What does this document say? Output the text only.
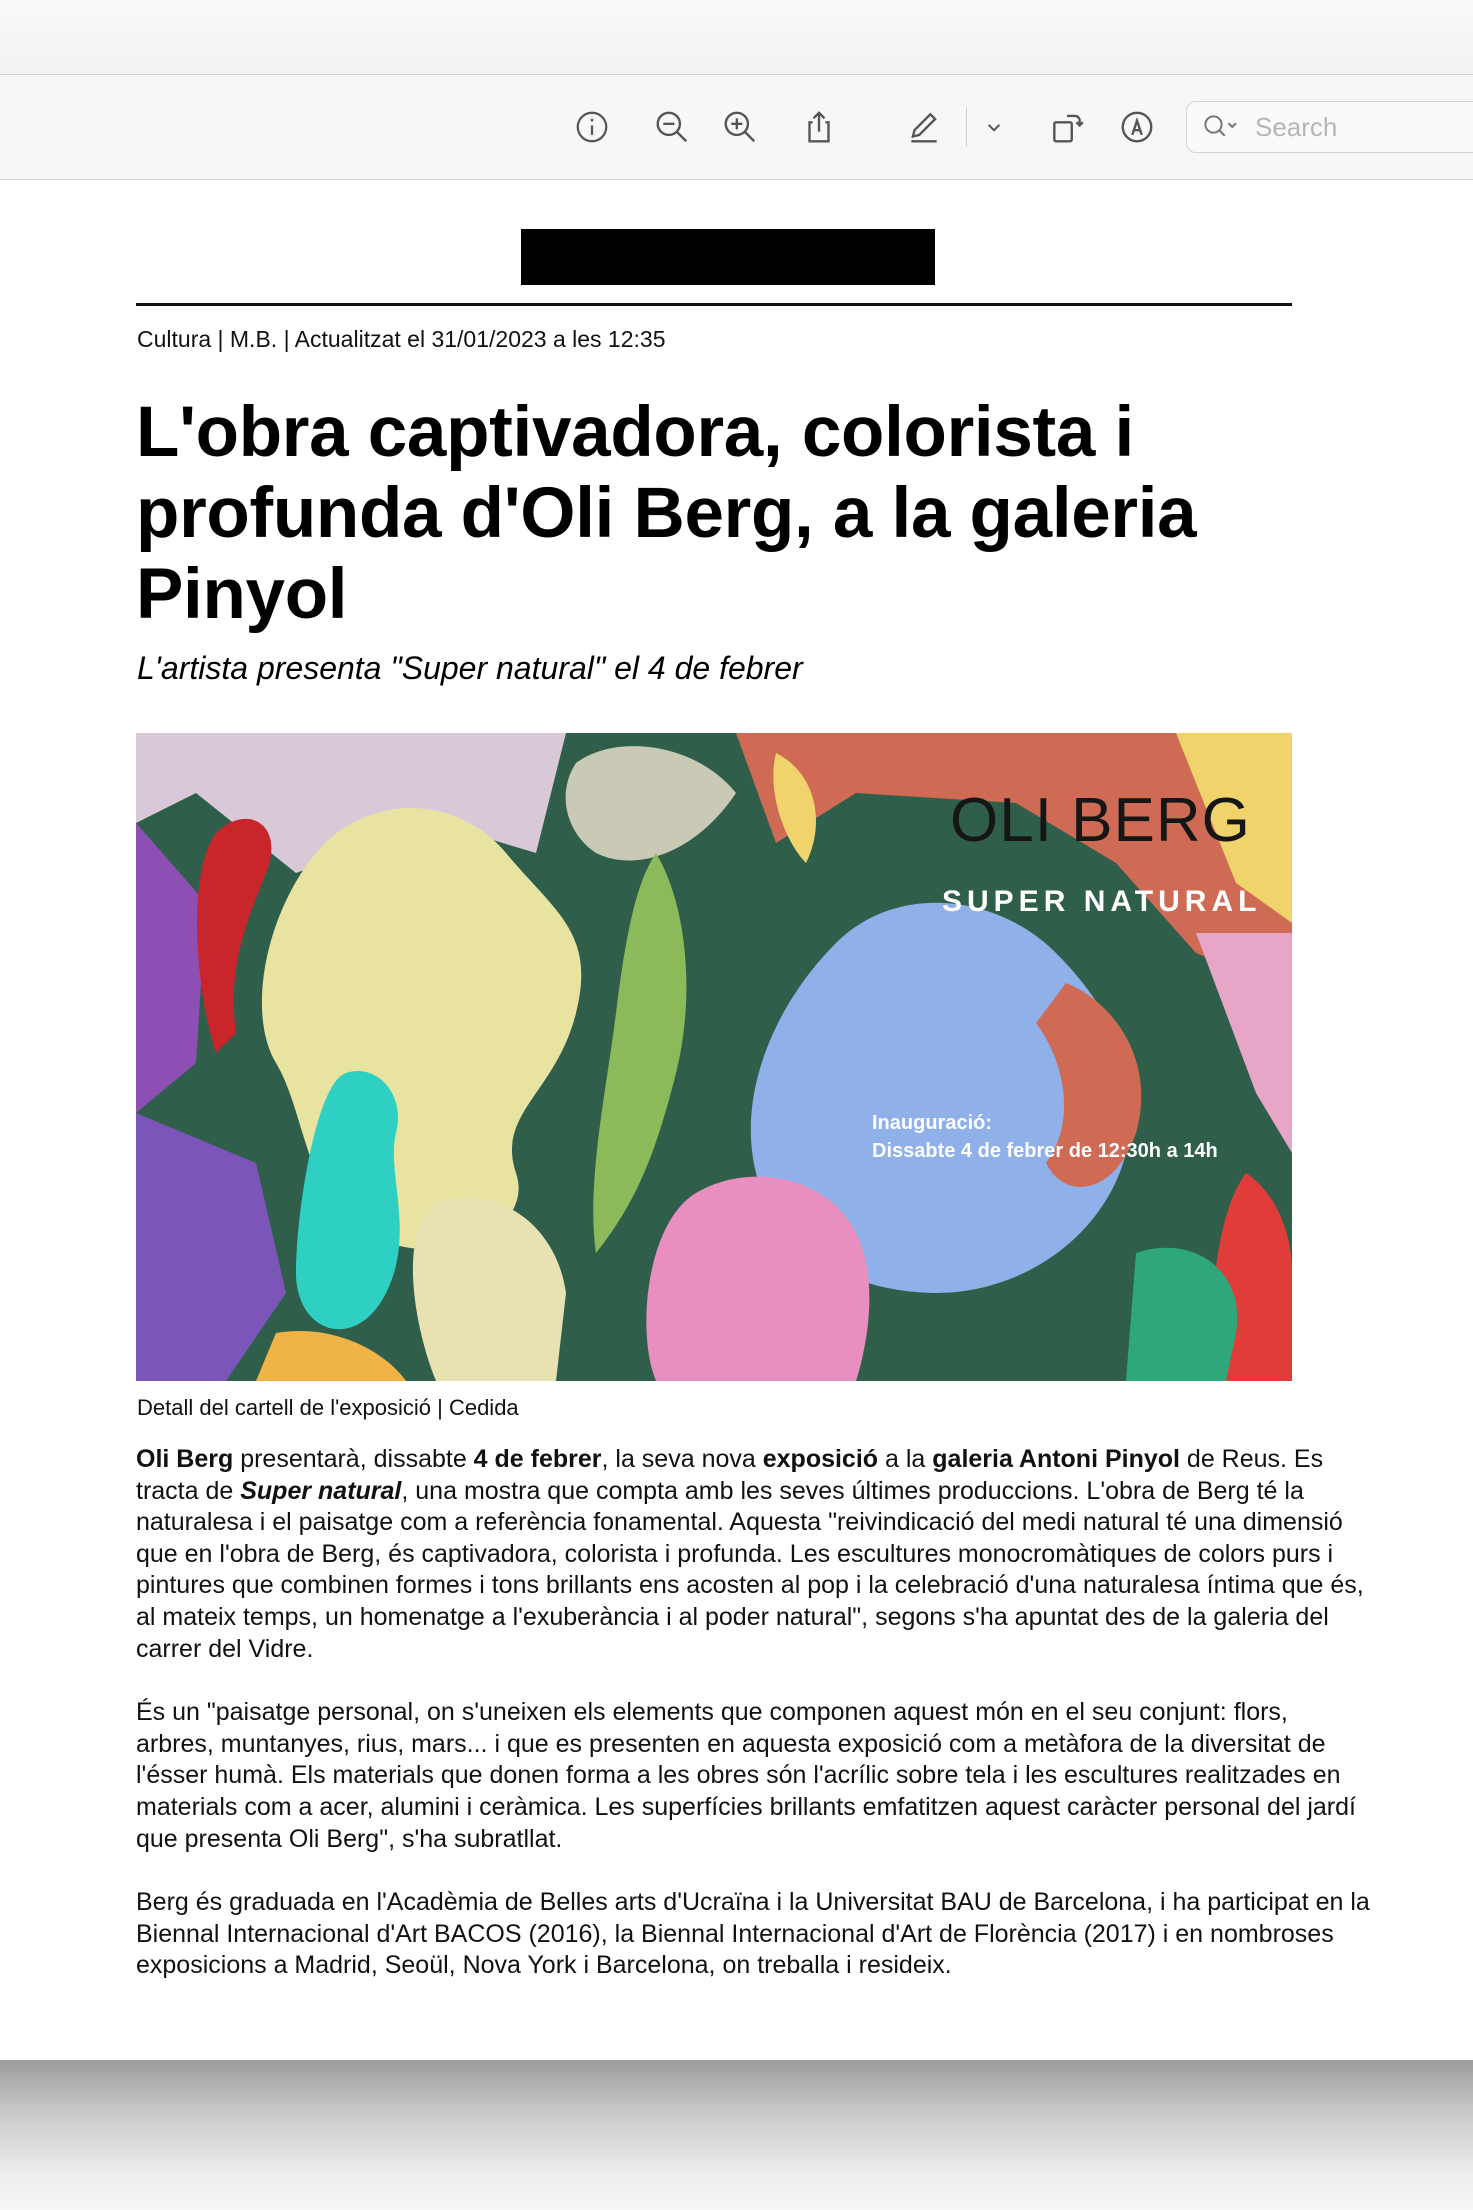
Search
Cultura | M.B. | Actualitzat el 31/01/2023 a les 12:35
L'obra captivadora, colorista i profunda d'Oli Berg, a la galeria Pinyol

L'artista presenta "Super natural" el 4 de febrer

OLI BERG
SUPER NATURAL
Inauguració:
Dissabte 4 de febrer de 12:30h a 14h
Detall del cartell de l'exposició | Cedida

Oli Berg presentarà, dissabte 4 de febrer, la seva nova exposició a la galeria Antoni Pinyol de Reus. Es tracta de Super natural, una mostra que compta amb les seves últimes produccions. L'obra de Berg té la naturalesa i el paisatge com a referència fonamental. Aquesta "reivindicació del medi natural té una dimensió que en l'obra de Berg, és captivadora, colorista i profunda. Les escultures monocromàtiques de colors purs i pintures que combinen formes i tons brillants ens acosten al pop i la celebració d'una naturalesa íntima que és, al mateix temps, un homenatge a l'exuberància i al poder natural", segons s'ha apuntat des de la galeria del carrer del Vidre.

És un "paisatge personal, on s'uneixen els elements que componen aquest món en el seu conjunt: flors, arbres, muntanyes, rius, mars... i que es presenten en aquesta exposició com a metàfora de la diversitat de l'ésser humà. Els materials que donen forma a les obres són l'acrílic sobre tela i les escultures realitzades en materials com a acer, alumini i ceràmica. Les superfícies brillants emfatitzen aquest caràcter personal del jardí que presenta Oli Berg", s'ha subratllat.

Berg és graduada en l'Acadèmia de Belles arts d'Ucraïna i la Universitat BAU de Barcelona, i ha participat en la Biennal Internacional d'Art BACOS (2016), la Biennal Internacional d'Art de Florència (2017) i en nombroses exposicions a Madrid, Seoül, Nova York i Barcelona, on treballa i resideix.
